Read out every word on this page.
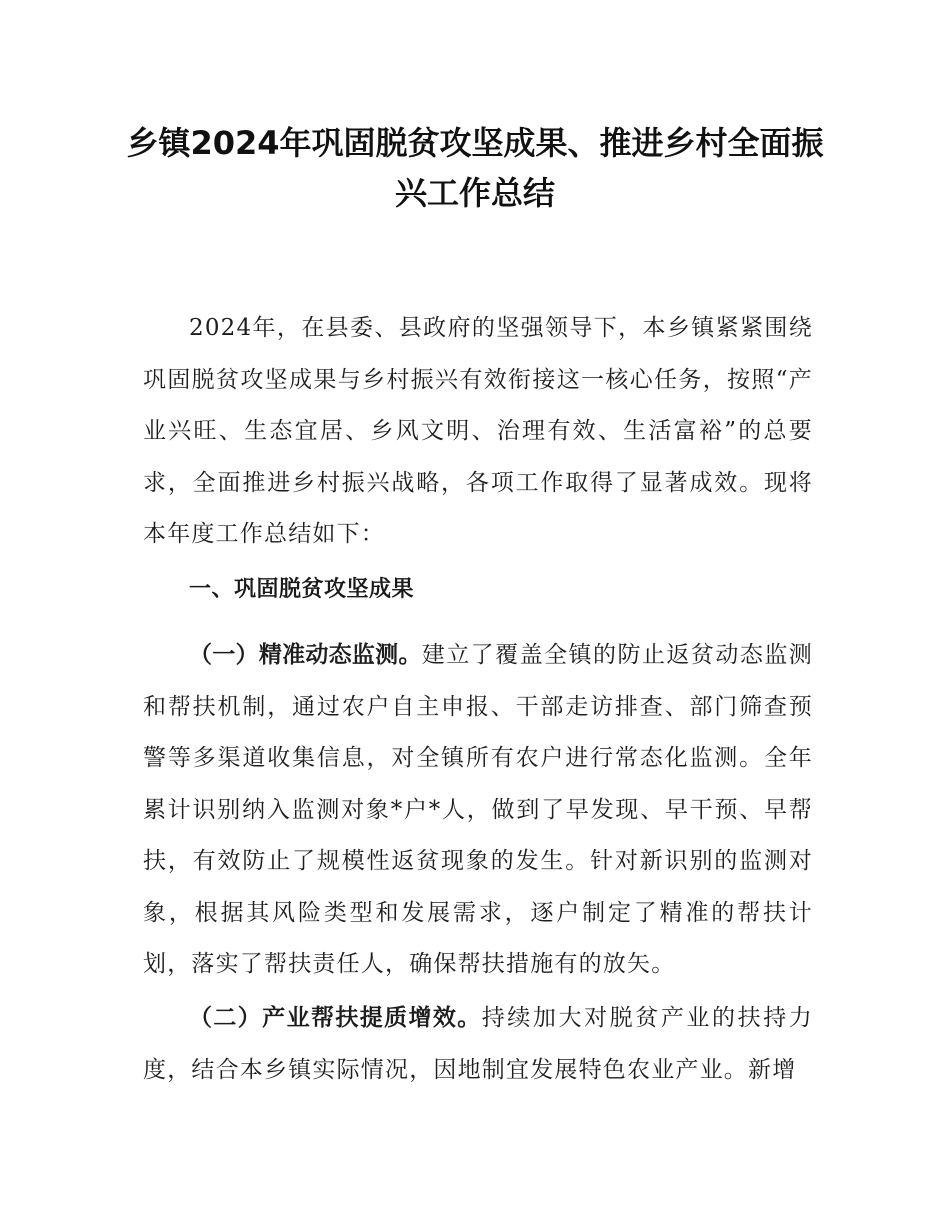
乡镇2024年巩固脱贫攻坚成果、推进乡村全面振兴工作总结

2024年，在县委、县政府的坚强领导下，本乡镇紧紧围绕巩固脱贫攻坚成果与乡村振兴有效衔接这一核心任务，按照“产业兴旺、生态宜居、乡风文明、治理有效、生活富裕”的总要求，全面推进乡村振兴战略，各项工作取得了显著成效。现将本年度工作总结如下：

一、巩固脱贫攻坚成果

（一）精准动态监测。建立了覆盖全镇的防止返贫动态监测和帮扶机制，通过农户自主申报、干部走访排查、部门筛查预警等多渠道收集信息，对全镇所有农户进行常态化监测。全年累计识别纳入监测对象*户*人，做到了早发现、早干预、早帮扶，有效防止了规模性返贫现象的发生。针对新识别的监测对象，根据其风险类型和发展需求，逐户制定了精准的帮扶计划，落实了帮扶责任人，确保帮扶措施有的放矢。

（二）产业帮扶提质增效。持续加大对脱贫产业的扶持力度，结合本乡镇实际情况，因地制宜发展特色农业产业。新增
